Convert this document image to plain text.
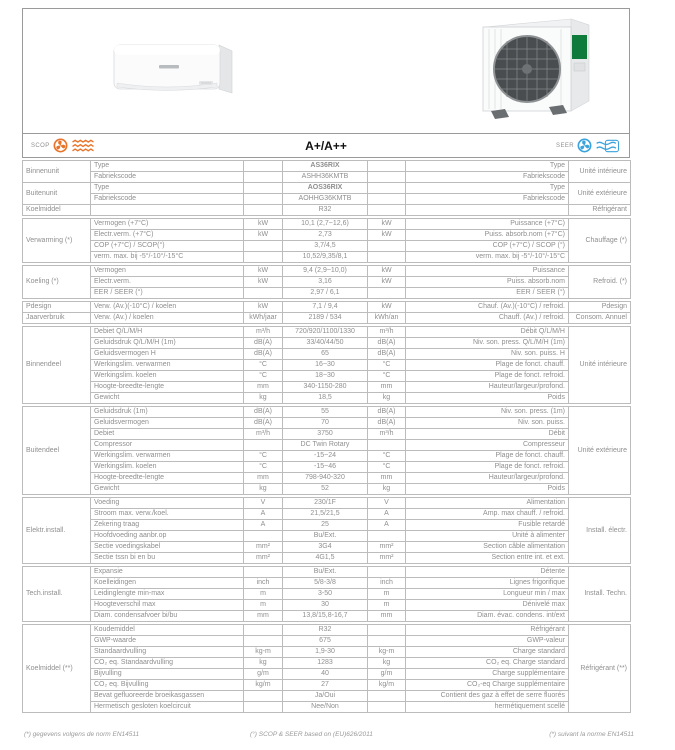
SCOP	A+/A++	SEER
Binnenunit	Type		AS36RIX		Type	Unité intérieure
	Fabriekscode		ASHH36KMTB		Fabriekscode	
Buitenunit	Type		AOS36RIX		Type	Unité extérieure
	Fabriekscode		AOHHG36KMTB		Fabriekscode	
Koelmiddel			R32			Réfrigérant
Verwarming (*)	Vermogen (+7°C)	kW	10,1 (2,7~12,6)	kW	Puissance (+7°C)	Chauffage (*)
	Electr.verm. (+7°C)	kW	2,73	kW	Puiss. absorb.nom (+7°C)	
	COP (+7°C) / SCOP(°)		3,7/4,5		COP (+7°C) / SCOP (°)	
	verm. max. bij -5°/-10°/-15°C		10,52/9,35/8,1		verm. max. bij -5°/-10°/-15°C	
Koeling (*)	Vermogen	kW	9,4 (2,9~10,0)	kW	Puissance	Refroid. (*)
	Electr.verm.	kW	3,16	kW	Puiss. absorb.nom	
	EER / SEER (°)		2,97 / 6,1		EER / SEER (°)	
Pdesign	Verw. (Av.)(-10°C) / koelen	kW	7,1 / 9,4	kW	Chauf. (Av.)(-10°C) / refroid.	Pdesign
Jaarverbruik	Verw. (Av.) / koelen	kWh/jaar	2189 / 534	kWh/an	Chauff. (Av.) / refroid.	Consom. Annuel
Binnendeel	Debiet Q/L/M/H	m³/h	720/920/1100/1330	m³/h	Débit Q/L/M/H	Unité intérieure
	Geluidsdruk Q/L/M/H (1m)	dB(A)	33/40/44/50	dB(A)	Niv. son. press. Q/L/M/H (1m)	
	Geluidsvermogen H	dB(A)	65	dB(A)	Niv. son. puiss. H	
	Werkingslim. verwarmen	°C	16~30	°C	Plage de fonct. chauff.	
	Werkingslim. koelen	°C	18~30	°C	Plage de fonct. refroid.	
	Hoogte-breedte-lengte	mm	340-1150-280	mm	Hauteur/largeur/profond.	
	Gewicht	kg	18,5	kg	Poids	
Buitendeel	Geluidsdruk (1m)	dB(A)	55	dB(A)	Niv. son. press. (1m)	Unité extérieure
	Geluidsvermogen	dB(A)	70	dB(A)	Niv. son. puiss.	
	Debiet	m³/h	3750	m³/h	Débit	
	Compressor		DC Twin Rotary		Compresseur	
	Werkingslim. verwarmen	°C	-15~24	°C	Plage de fonct. chauff.	
	Werkingslim. koelen	°C	-15~46	°C	Plage de fonct. refroid.	
	Hoogte-breedte-lengte	mm	798-940-320	mm	Hauteur/largeur/profond.	
	Gewicht	kg	52	kg	Poids	
Elektr.install.	Voeding	V	230/1F	V	Alimentation	Install. électr.
	Stroom max. verw./koel.	A	21,5/21,5	A	Amp. max chauff. / refroid.	
	Zekering traag	A	25	A	Fusible retardé	
	Hoofdvoeding aanbr.op		Bu/Ext.		Unité à alimenter	
	Sectie voedingskabel	mm²	3G4	mm²	Section câble alimentation	
	Sectie tssn bi en bu	mm²	4G1,5	mm²	Section entre int. et ext.	
Tech.install.	Expansie		Bu/Ext.		Détente	Install. Techn.
	Koelleidingen	inch	5/8-3/8	inch	Lignes frigorifique	
	Leidinglengte min-max	m	3-50	m	Longueur min / max	
	Hoogteverschil max	m	30	m	Dénivelé max	
	Diam. condensafvoer bi/bu	mm	13,8/15,8-16,7	mm	Diam. évac. condens. int/ext	
Koelmiddel (**)	Koudemiddel		R32		Réfrigérant	Réfrigérant (**)
	GWP-waarde		675		GWP-valeur	
	Standaardvulling	kg-m	1,9-30	kg-m	Charge standard	
	CO₂ eq. Standaardvulling	kg	1283	kg	CO₂ eq. Charge standard	
	Bijvulling	g/m	40	g/m	Charge supplémentaire	
	CO₂ eq. Bijvulling	kg/m	27	kg/m	CO₂-eq Charge supplémentaire	
	Bevat gefluoreerde broeikasgassen		Ja/Oui		Contient des gaz à effet de serre fluorés	
	Hermetisch gesloten koelcircuit		Nee/Non		hermétiquement scellé	
(*) gegevens volgens de norm EN14511	(°) SCOP & SEER based on (EU)626/2011	(*) suivant la norme EN14511
